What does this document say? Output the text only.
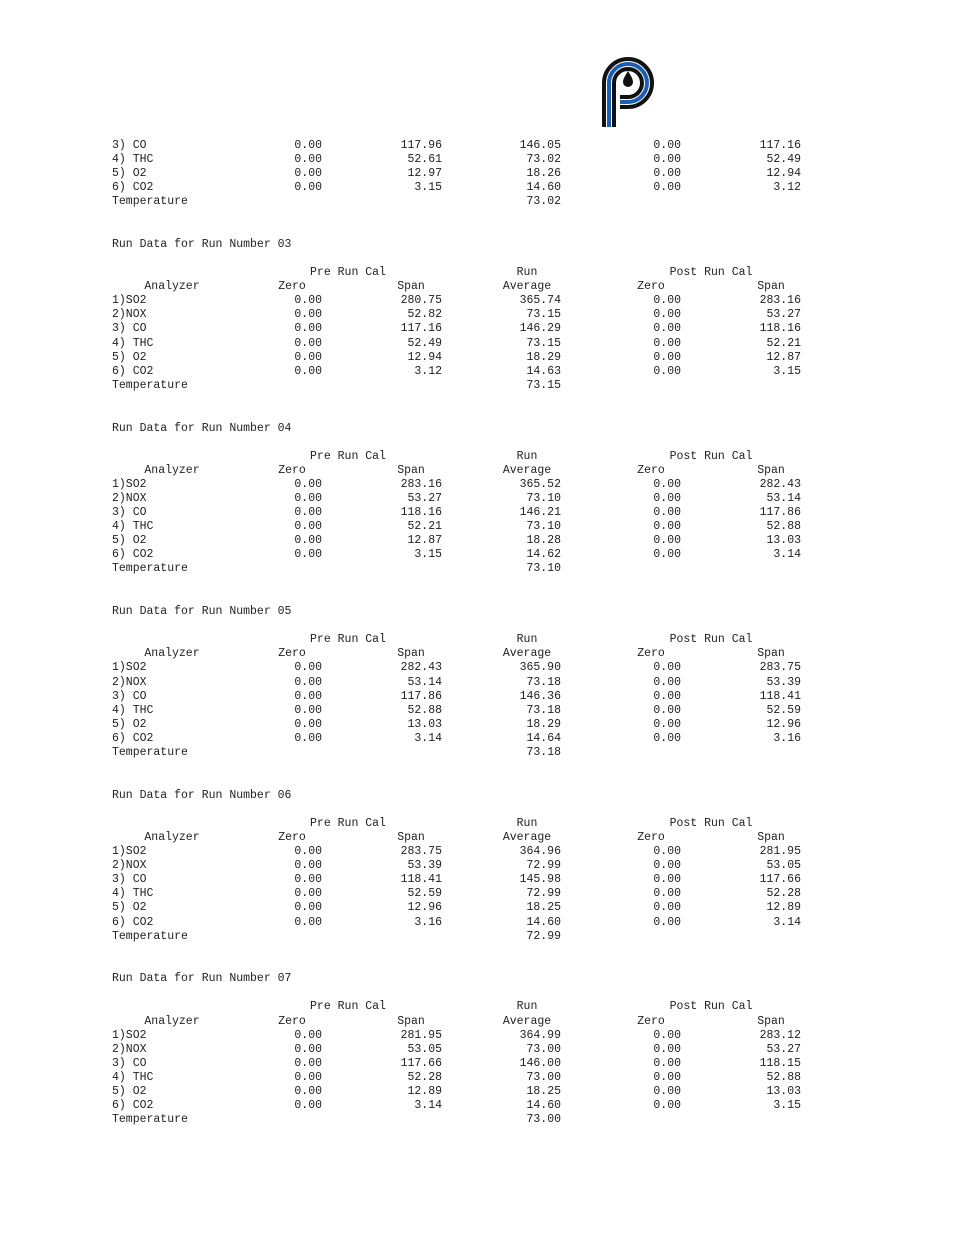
3) CO	0.00	117.96	146.05	0.00	117.16
4) THC	0.00	52.61	73.02	0.00	52.49
5) O2	0.00	12.97	18.26	0.00	12.94
6) CO2	0.00	3.15	14.60	0.00	3.12
Temperature	73.02
Run Data for Run Number 03
Pre Run Cal	Run	Post Run Cal
Analyzer	Zero	Span	Average	Zero	Span
1)SO2	0.00	280.75	365.74	0.00	283.16
2)NOX	0.00	52.82	73.15	0.00	53.27
3) CO	0.00	117.16	146.29	0.00	118.16
4) THC	0.00	52.49	73.15	0.00	52.21
5) O2	0.00	12.94	18.29	0.00	12.87
6) CO2	0.00	3.12	14.63	0.00	3.15
Temperature	73.15
Run Data for Run Number 04
Pre Run Cal	Run	Post Run Cal
Analyzer	Zero	Span	Average	Zero	Span
1)SO2	0.00	283.16	365.52	0.00	282.43
2)NOX	0.00	53.27	73.10	0.00	53.14
3) CO	0.00	118.16	146.21	0.00	117.86
4) THC	0.00	52.21	73.10	0.00	52.88
5) O2	0.00	12.87	18.28	0.00	13.03
6) CO2	0.00	3.15	14.62	0.00	3.14
Temperature	73.10
Run Data for Run Number 05
Pre Run Cal	Run	Post Run Cal
Analyzer	Zero	Span	Average	Zero	Span
1)SO2	0.00	282.43	365.90	0.00	283.75
2)NOX	0.00	53.14	73.18	0.00	53.39
3) CO	0.00	117.86	146.36	0.00	118.41
4) THC	0.00	52.88	73.18	0.00	52.59
5) O2	0.00	13.03	18.29	0.00	12.96
6) CO2	0.00	3.14	14.64	0.00	3.16
Temperature	73.18
Run Data for Run Number 06
Pre Run Cal	Run	Post Run Cal
Analyzer	Zero	Span	Average	Zero	Span
1)SO2	0.00	283.75	364.96	0.00	281.95
2)NOX	0.00	53.39	72.99	0.00	53.05
3) CO	0.00	118.41	145.98	0.00	117.66
4) THC	0.00	52.59	72.99	0.00	52.28
5) O2	0.00	12.96	18.25	0.00	12.89
6) CO2	0.00	3.16	14.60	0.00	3.14
Temperature	72.99
Run Data for Run Number 07
Pre Run Cal	Run	Post Run Cal
Analyzer	Zero	Span	Average	Zero	Span
1)SO2	0.00	281.95	364.99	0.00	283.12
2)NOX	0.00	53.05	73.00	0.00	53.27
3) CO	0.00	117.66	146.00	0.00	118.15
4) THC	0.00	52.28	73.00	0.00	52.88
5) O2	0.00	12.89	18.25	0.00	13.03
6) CO2	0.00	3.14	14.60	0.00	3.15
Temperature	73.00
